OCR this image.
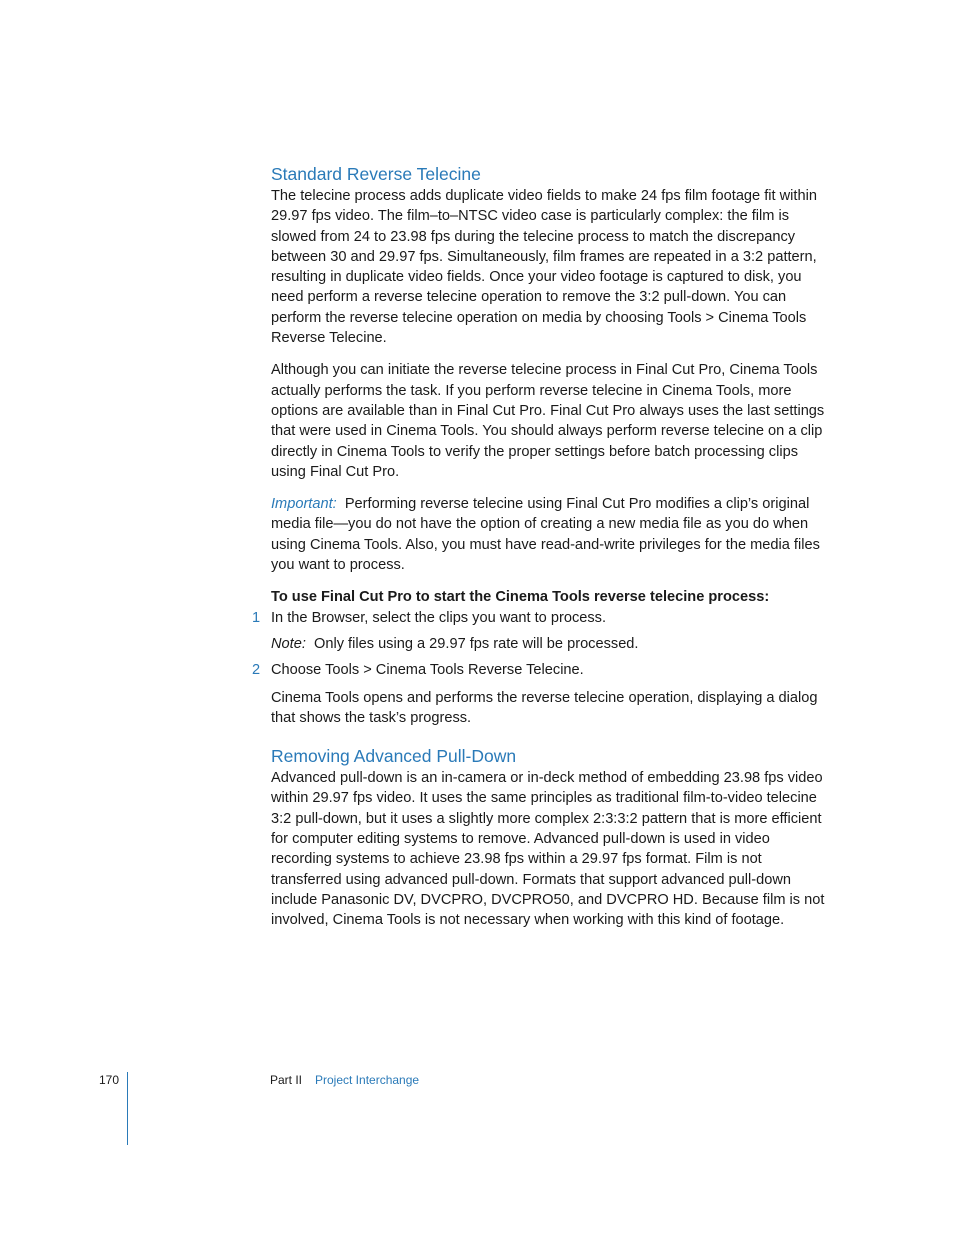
Standard Reverse Telecine

The telecine process adds duplicate video fields to make 24 fps film footage fit within 29.97 fps video. The film–to–NTSC video case is particularly complex: the film is slowed from 24 to 23.98 fps during the telecine process to match the discrepancy between 30 and 29.97 fps. Simultaneously, film frames are repeated in a 3:2 pattern, resulting in duplicate video fields. Once your video footage is captured to disk, you need perform a reverse telecine operation to remove the 3:2 pull-down. You can perform the reverse telecine operation on media by choosing Tools > Cinema Tools Reverse Telecine.

Although you can initiate the reverse telecine process in Final Cut Pro, Cinema Tools actually performs the task. If you perform reverse telecine in Cinema Tools, more options are available than in Final Cut Pro. Final Cut Pro always uses the last settings that were used in Cinema Tools. You should always perform reverse telecine on a clip directly in Cinema Tools to verify the proper settings before batch processing clips using Final Cut Pro.

Important: Performing reverse telecine using Final Cut Pro modifies a clip’s original media file—you do not have the option of creating a new media file as you do when using Cinema Tools. Also, you must have read-and-write privileges for the media files you want to process.

To use Final Cut Pro to start the Cinema Tools reverse telecine process:

1 In the Browser, select the clips you want to process.

Note: Only files using a 29.97 fps rate will be processed.

2 Choose Tools > Cinema Tools Reverse Telecine.

Cinema Tools opens and performs the reverse telecine operation, displaying a dialog that shows the task’s progress.

Removing Advanced Pull-Down

Advanced pull-down is an in-camera or in-deck method of embedding 23.98 fps video within 29.97 fps video. It uses the same principles as traditional film-to-video telecine 3:2 pull-down, but it uses a slightly more complex 2:3:3:2 pattern that is more efficient for computer editing systems to remove. Advanced pull-down is used in video recording systems to achieve 23.98 fps within a 29.97 fps format. Film is not transferred using advanced pull-down. Formats that support advanced pull-down include Panasonic DV, DVCPRO, DVCPRO50, and DVCPRO HD. Because film is not involved, Cinema Tools is not necessary when working with this kind of footage.

170	Part II Project Interchange
